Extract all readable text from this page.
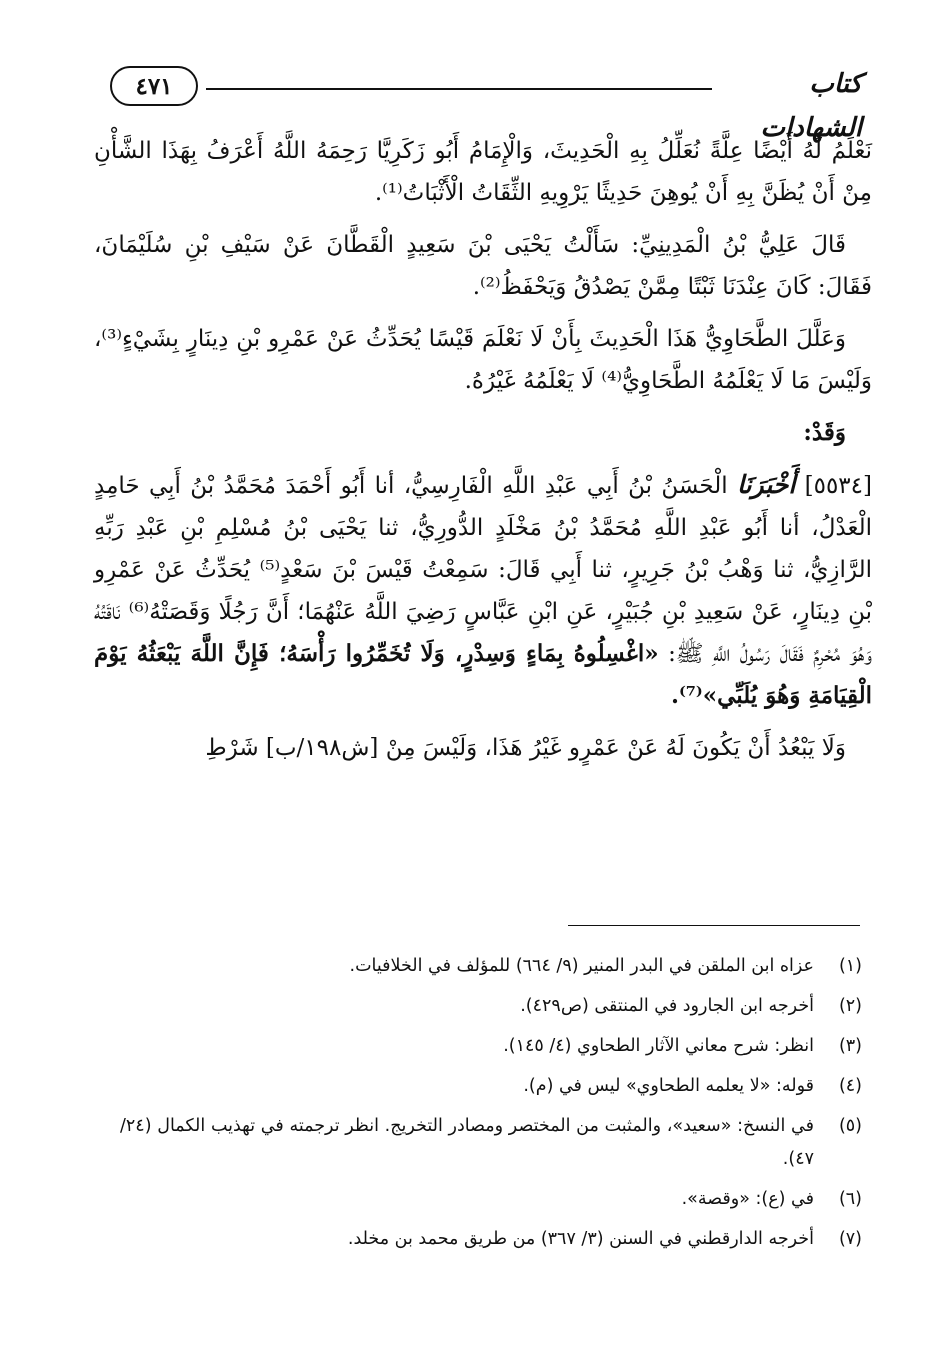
٤٧١	كتاب الشهادات

نَعْلَمُ لَهُ أَيْضًا عِلَّةً نُعَلِّلُ بِهِ الْحَدِيثَ، وَالْإِمَامُ أَبُو زَكَرِيَّا رَحِمَهُ اللَّهُ أَعْرَفُ بِهَذَا الشَّأْنِ مِنْ أَنْ يُظَنَّ بِهِ أَنْ يُوهِنَ حَدِيثًا يَرْوِيهِ الثِّقَاتُ الْأَثْبَاتُ⁽¹⁾.

قَالَ عَلِيُّ بْنُ الْمَدِينِيِّ: سَأَلْتُ يَحْيَى بْنَ سَعِيدٍ الْقَطَّانَ عَنْ سَيْفِ بْنِ سُلَيْمَانَ، فَقَالَ: كَانَ عِنْدَنَا ثَبْتًا مِمَّنْ يَصْدُقُ وَيَحْفَظُ⁽²⁾.

وَعَلَّلَ الطَّحَاوِيُّ هَذَا الْحَدِيثَ بِأَنْ لَا نَعْلَمَ قَيْسًا يُحَدِّثُ عَنْ عَمْرِو بْنِ دِينَارٍ بِشَيْءٍ⁽³⁾، وَلَيْسَ مَا لَا يَعْلَمُهُ الطَّحَاوِيُّ⁽⁴⁾ لَا يَعْلَمُهُ غَيْرُهُ.

وَقَدْ:

[٥٥٣٤] أَخْبَرَنَا الْحَسَنُ بْنُ أَبِي عَبْدِ اللَّهِ الْفَارِسِيُّ، أنا أَبُو أَحْمَدَ مُحَمَّدُ بْنُ أَبِي حَامِدٍ الْعَدْلُ، أنا أَبُو عَبْدِ اللَّهِ مُحَمَّدُ بْنُ مَخْلَدٍ الدُّورِيُّ، ثنا يَحْيَى بْنُ مُسْلِمِ بْنِ عَبْدِ رَبِّهِ الرَّازِيُّ، ثنا وَهْبُ بْنُ جَرِيرٍ، ثنا أَبِي قَالَ: سَمِعْتُ قَيْسَ بْنَ سَعْدٍ⁽⁵⁾ يُحَدِّثُ عَنْ عَمْرِو بْنِ دِينَارٍ، عَنْ سَعِيدِ بْنِ جُبَيْرٍ، عَنِ ابْنِ عَبَّاسٍ رَضِيَ اللَّهُ عَنْهُمَا؛ أَنَّ رَجُلًا وَقَصَتْهُ⁽⁶⁾ نَاقَتُهُ وَهُوَ مُحْرِمٌ فَقَالَ رَسُولُ اللَّهِ ﷺ: «اغْسِلُوهُ بِمَاءٍ وَسِدْرٍ، وَلَا تُخَمِّرُوا رَأْسَهُ؛ فَإِنَّ اللَّهَ يَبْعَثُهُ يَوْمَ الْقِيَامَةِ وَهُوَ يُلَبِّي»⁽⁷⁾.

وَلَا يَبْعُدُ أَنْ يَكُونَ لَهُ عَنْ عَمْرٍو غَيْرُ هَذَا، وَلَيْسَ مِنْ [ش١٩٨/ب] شَرْطِ

(١)
عزاه ابن الملقن في البدر المنير (٩/ ٦٦٤) للمؤلف في الخلافيات.
(٢)
أخرجه ابن الجارود في المنتقى (ص٤٢٩).
(٣)
انظر: شرح معاني الآثار الطحاوي (٤/ ١٤٥).
(٤)
قوله: «لا يعلمه الطحاوي» ليس في (م).
(٥)
في النسخ: «سعيد»، والمثبت من المختصر ومصادر التخريج. انظر ترجمته في تهذيب الكمال (٢٤/ ٤٧).
(٦)
في (ع): «وقصة».
(٧)
أخرجه الدارقطني في السنن (٣/ ٣٦٧) من طريق محمد بن مخلد.
